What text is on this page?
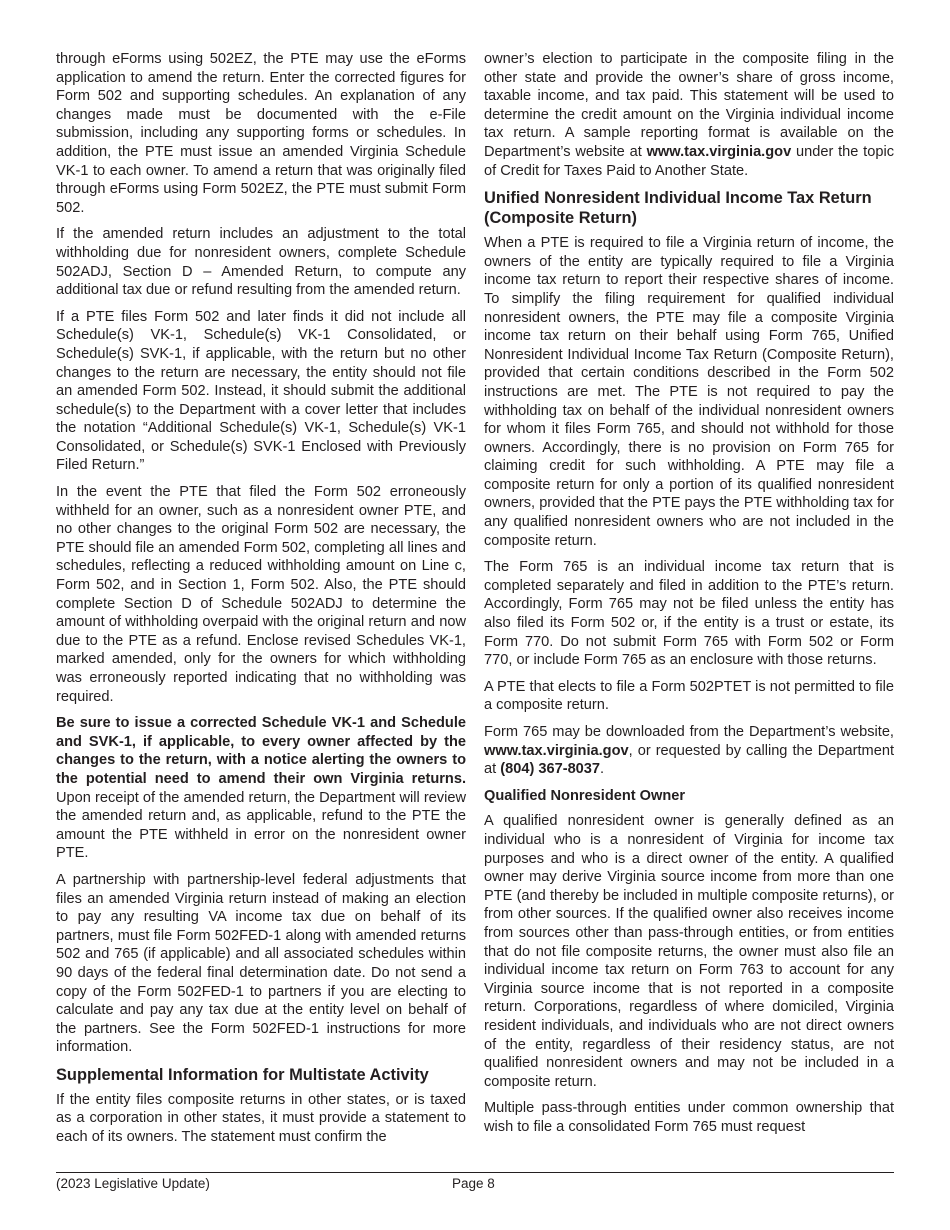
through eForms using 502EZ, the PTE may use the eForms application to amend the return. Enter the corrected figures for Form 502 and supporting schedules. An explanation of any changes made must be documented with the e-File submission, including any supporting forms or schedules. In addition, the PTE must issue an amended Virginia Schedule VK-1 to each owner. To amend a return that was originally filed through eForms using Form 502EZ, the PTE must submit Form 502.

If the amended return includes an adjustment to the total withholding due for nonresident owners, complete Schedule 502ADJ, Section D – Amended Return, to compute any additional tax due or refund resulting from the amended return.

If a PTE files Form 502 and later finds it did not include all Schedule(s) VK-1, Schedule(s) VK-1 Consolidated, or Schedule(s) SVK-1, if applicable, with the return but no other changes to the return are necessary, the entity should not file an amended Form 502. Instead, it should submit the additional schedule(s) to the Department with a cover letter that includes the notation “Additional Schedule(s) VK-1, Schedule(s) VK-1 Consolidated, or Schedule(s) SVK-1 Enclosed with Previously Filed Return.”

In the event the PTE that filed the Form 502 erroneously withheld for an owner, such as a nonresident owner PTE, and no other changes to the original Form 502 are necessary, the PTE should file an amended Form 502, completing all lines and schedules, reflecting a reduced withholding amount on Line c, Form 502, and in Section 1, Form 502. Also, the PTE should complete Section D of Schedule 502ADJ to determine the amount of withholding overpaid with the original return and now due to the PTE as a refund. Enclose revised Schedules VK-1, marked amended, only for the owners for which withholding was erroneously reported indicating that no withholding was required.

Be sure to issue a corrected Schedule VK-1 and Schedule and SVK-1, if applicable, to every owner affected by the changes to the return, with a notice alerting the owners to the potential need to amend their own Virginia returns. Upon receipt of the amended return, the Department will review the amended return and, as applicable, refund to the PTE the amount the PTE withheld in error on the nonresident owner PTE.

A partnership with partnership-level federal adjustments that files an amended Virginia return instead of making an election to pay any resulting VA income tax due on behalf of its partners, must file Form 502FED-1 along with amended returns 502 and 765 (if applicable) and all associated schedules within 90 days of the federal final determination date. Do not send a copy of the Form 502FED-1 to partners if you are electing to calculate and pay any tax due at the entity level on behalf of the partners. See the Form 502FED-1 instructions for more information.

Supplemental Information for Multistate Activity

If the entity files composite returns in other states, or is taxed as a corporation in other states, it must provide a statement to each of its owners. The statement must confirm the

owner’s election to participate in the composite filing in the other state and provide the owner’s share of gross income, taxable income, and tax paid. This statement will be used to determine the credit amount on the Virginia individual income tax return. A sample reporting format is available on the Department’s website at www.tax.virginia.gov under the topic of Credit for Taxes Paid to Another State.

Unified Nonresident Individual Income Tax Return (Composite Return)

When a PTE is required to file a Virginia return of income, the owners of the entity are typically required to file a Virginia income tax return to report their respective shares of income. To simplify the filing requirement for qualified individual nonresident owners, the PTE may file a composite Virginia income tax return on their behalf using Form 765, Unified Nonresident Individual Income Tax Return (Composite Return), provided that certain conditions described in the Form 502 instructions are met. The PTE is not required to pay the withholding tax on behalf of the individual nonresident owners for whom it files Form 765, and should not withhold for those owners. Accordingly, there is no provision on Form 765 for claiming credit for such withholding. A PTE may file a composite return for only a portion of its qualified nonresident owners, provided that the PTE pays the PTE withholding tax for any qualified nonresident owners who are not included in the composite return.

The Form 765 is an individual income tax return that is completed separately and filed in addition to the PTE’s return. Accordingly, Form 765 may not be filed unless the entity has also filed its Form 502 or, if the entity is a trust or estate, its Form 770. Do not submit Form 765 with Form 502 or Form 770, or include Form 765 as an enclosure with those returns.

A PTE that elects to file a Form 502PTET is not permitted to file a composite return.

Form 765 may be downloaded from the Department’s website, www.tax.virginia.gov, or requested by calling the Department at (804) 367-8037.

Qualified Nonresident Owner

A qualified nonresident owner is generally defined as an individual who is a nonresident of Virginia for income tax purposes and who is a direct owner of the entity. A qualified owner may derive Virginia source income from more than one PTE (and thereby be included in multiple composite returns), or from other sources. If the qualified owner also receives income from sources other than pass-through entities, or from entities that do not file composite returns, the owner must also file an individual income tax return on Form 763 to account for any Virginia source income that is not reported in a composite return. Corporations, regardless of where domiciled, Virginia resident individuals, and individuals who are not direct owners of the entity, regardless of their residency status, are not qualified nonresident owners and may not be included in a composite return.

Multiple pass-through entities under common ownership that wish to file a consolidated Form 765 must request

(2023 Legislative Update)	Page 8
